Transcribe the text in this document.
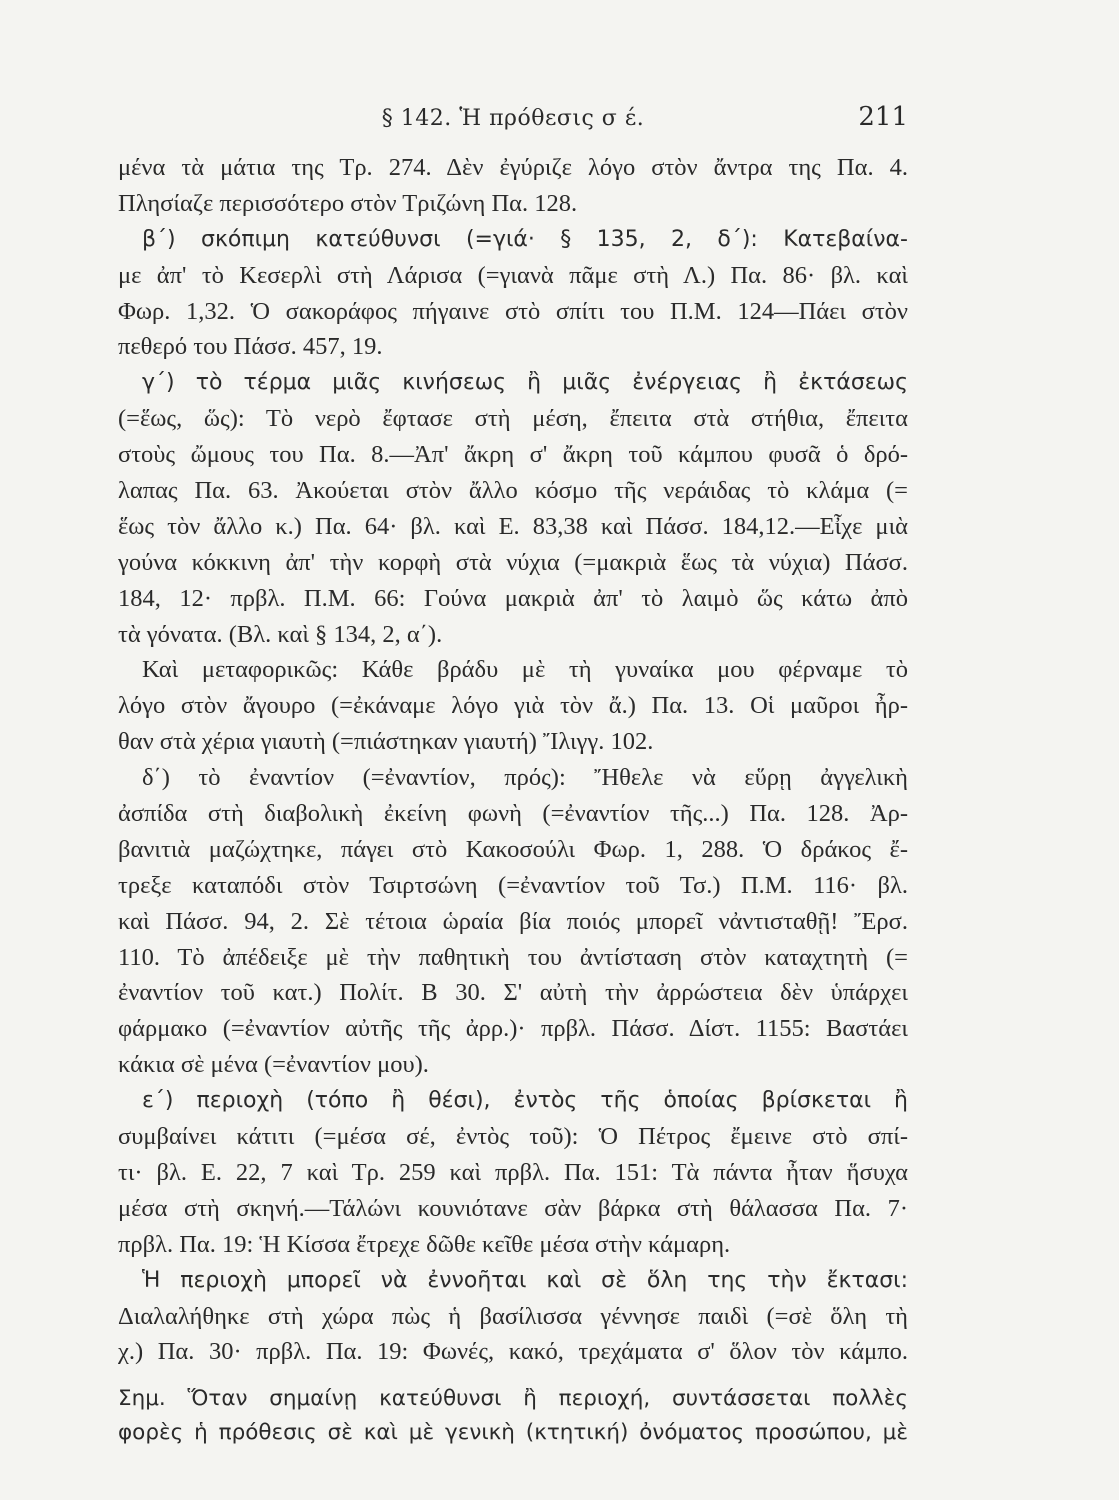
§ 142. Ἡ πρόθεσις σ έ.	211
μένα τὰ μάτια της Τρ. 274. Δὲν ἐγύριζε λόγο στὸν ἄντρα της Πα. 4.
Πλησίαζε περισσότερο στὸν Τριζώνη Πα. 128.
β΄) σκόπιμη κατεύθυνσι (=γιά· § 135, 2, δ΄): Κατεβαίνα-
με ἀπ' τὸ Κεσερλὶ στὴ Λάρισα (=γιανὰ πᾶμε στὴ Λ.) Πα. 86· βλ. καὶ
Φωρ. 1,32. Ὁ σακοράφος πήγαινε στὸ σπίτι του Π.Μ. 124—Πάει στὸν
πεθερό του Πάσσ. 457, 19.
γ΄) τὸ τέρμα μιᾶς κινήσεως ἢ μιᾶς ἐνέργειας ἢ ἐκτάσεως
(=ἕως, ὥς): Τὸ νερὸ ἔφτασε στὴ μέση, ἔπειτα στὰ στήθια, ἔπειτα
στοὺς ὤμους του Πα. 8.—Ἀπ' ἄκρη σ' ἄκρη τοῦ κάμπου φυσᾶ ὁ δρό-
λαπας Πα. 63. Ἀκούεται στὸν ἄλλο κόσμο τῆς νεράιδας τὸ κλάμα (=
ἕως τὸν ἄλλο κ.) Πα. 64· βλ. καὶ Ε. 83,38 καὶ Πάσσ. 184,12.—Εἶχε μιὰ
γούνα κόκκινη ἀπ' τὴν κορφὴ στὰ νύχια (=μακριὰ ἕως τὰ νύχια) Πάσσ.
184, 12· πρβλ. Π.Μ. 66: Γούνα μακριὰ ἀπ' τὸ λαιμὸ ὥς κάτω ἀπὸ
τὰ γόνατα. (Βλ. καὶ § 134, 2, α΄).
Καὶ μεταφορικῶς: Κάθε βράδυ μὲ τὴ γυναίκα μου φέρναμε τὸ
λόγο στὸν ἄγουρο (=ἐκάναμε λόγο γιὰ τὸν ἄ.) Πα. 13. Οἱ μαῦροι ἦρ-
θαν στὰ χέρια γιαυτὴ (=πιάστηκαν γιαυτή) Ἴλιγγ. 102.
δ΄) τὸ ἐναντίον (=ἐναντίον, πρός): Ἤθελε νὰ εὕρῃ ἀγγελικὴ
ἀσπίδα στὴ διαβολικὴ ἐκείνη φωνὴ (=ἐναντίον τῆς...) Πα. 128. Ἀρ-
βανιτιὰ μαζώχτηκε, πάγει στὸ Κακοσούλι Φωρ. 1, 288. Ὁ δράκος ἔ-
τρεξε καταπόδι στὸν Τσιρτσώνη (=ἐναντίον τοῦ Τσ.) Π.Μ. 116· βλ.
καὶ Πάσσ. 94, 2. Σὲ τέτοια ὡραία βία ποιός μπορεῖ νἀντισταθῇ! Ἔρσ.
110. Τὸ ἀπέδειξε μὲ τὴν παθητικὴ του ἀντίσταση στὸν καταχτητὴ (=
ἐναντίον τοῦ κατ.) Πολίτ. Β 30. Σ' αὐτὴ τὴν ἀρρώστεια δὲν ὑπάρχει
φάρμακο (=ἐναντίον αὐτῆς τῆς ἀρρ.)· πρβλ. Πάσσ. Δίστ. 1155: Βαστάει
κάκια σὲ μένα (=ἐναντίον μου).
ε΄) περιοχὴ (τόπο ἢ θέσι), ἐντὸς τῆς ὁποίας βρίσκεται ἢ
συμβαίνει κάτιτι (=μέσα σέ, ἐντὸς τοῦ): Ὁ Πέτρος ἔμεινε στὸ σπί-
τι· βλ. Ε. 22, 7 καὶ Τρ. 259 καὶ πρβλ. Πα. 151: Τὰ πάντα ἦταν ἥσυχα
μέσα στὴ σκηνή.—Τάλώνι κουνιότανε σὰν βάρκα στὴ θάλασσα Πα. 7·
πρβλ. Πα. 19: Ἡ Κίσσα ἔτρεχε δῶθε κεῖθε μέσα στὴν κάμαρη.
Ἡ περιοχὴ μπορεῖ νὰ ἐννοῆται καὶ σὲ ὅλη της τὴν ἔκτασι:
Διαλαλήθηκε στὴ χώρα πὼς ἡ βασίλισσα γέννησε παιδὶ (=σὲ ὅλη τὴ
χ.) Πα. 30· πρβλ. Πα. 19: Φωνές, κακό, τρεχάματα σ' ὅλον τὸν κάμπο.
Σημ. Ὅταν σημαίνῃ κατεύθυνσι ἢ περιοχή, συντάσσεται πολλὲς
φορὲς ἡ πρόθεσις σὲ καὶ μὲ γενικὴ (κτητική) ὀνόματος προσώπου, μὲ
